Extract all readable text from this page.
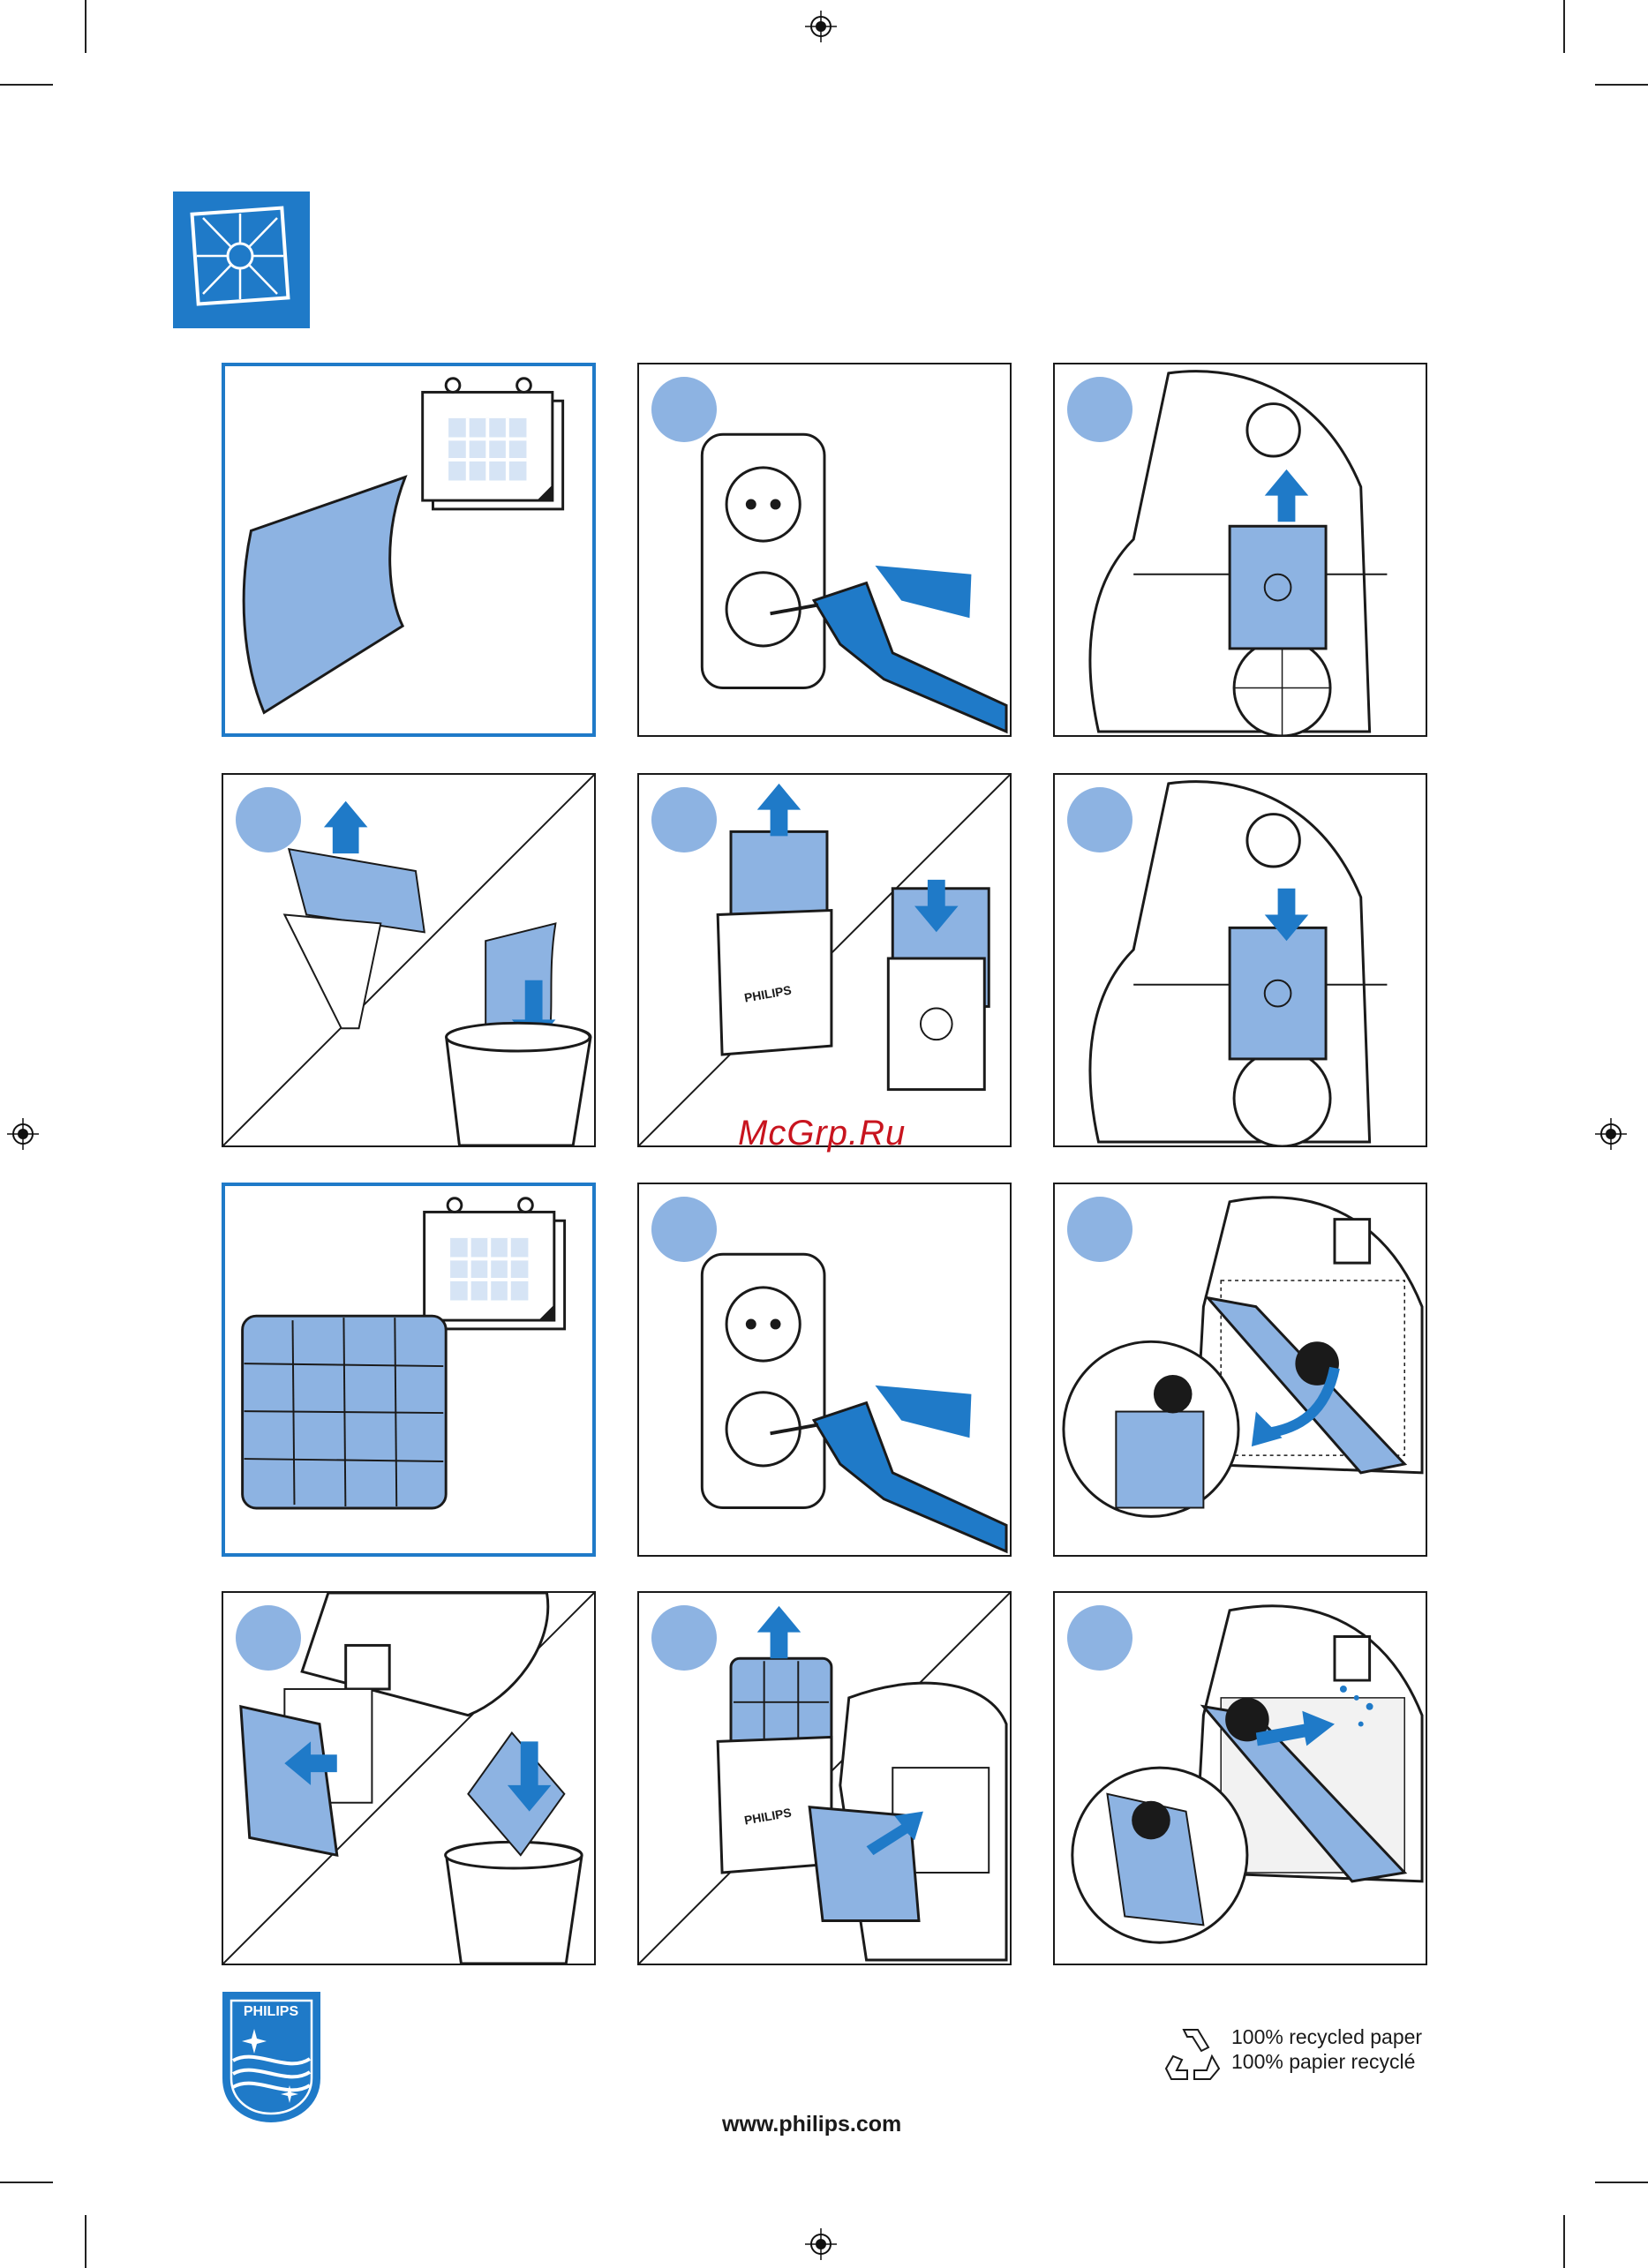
PHILIPS
McGrp.Ru
PHILIPS
PHILIPS
100% recycled paper
100% papier recyclé
www.philips.com
